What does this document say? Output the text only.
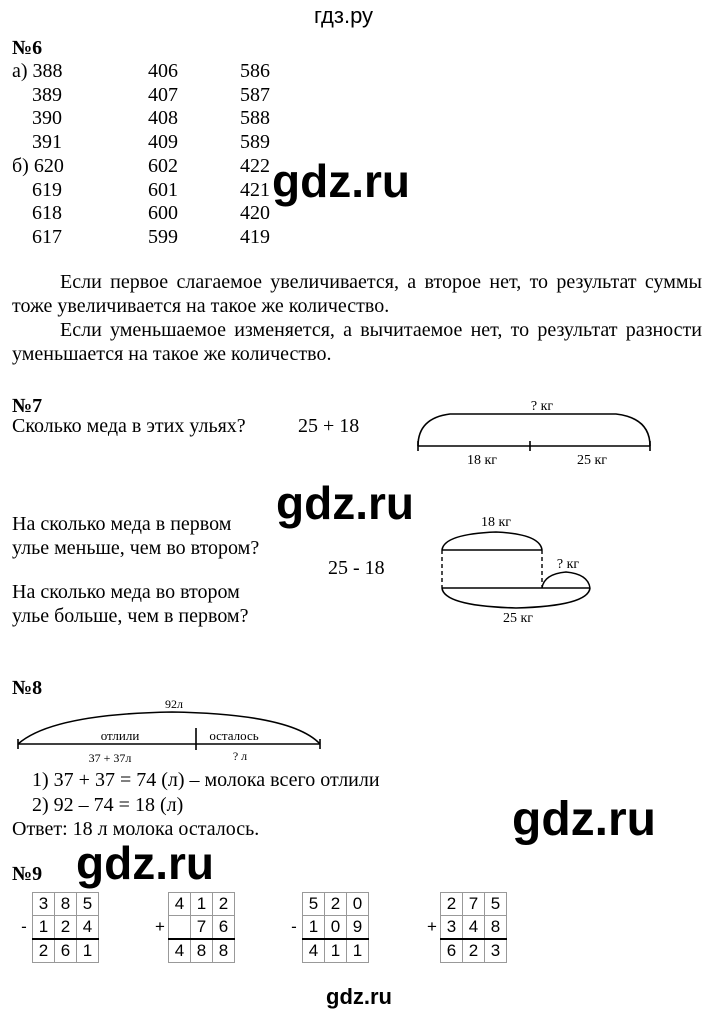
гдз.ру
№6
а) 388	406	586
389	407	587
390	408	588
391	409	589
б) 620	602	422
619	601	421
618	600	420
617	599	419
gdz.ru
Если первое слагаемое увеличивается, а второе нет, то результат суммы тоже увеличивается на такое же количество.
Если уменьшаемое изменяется, а вычитаемое нет, то результат разности уменьшается на такое же количество.
№7
Сколько меда в этих ульях?	25 + 18
? кг
18 кг	25 кг
gdz.ru
На сколько меда в первом
улье меньше, чем во втором?
25 - 18
На сколько меда во втором
улье больше, чем в первом?
18 кг
? кг
25 кг
№8
92л
отлили	осталось
37 + 37л	? л
1) 37 + 37 = 74 (л) – молока всего отлили
2) 92 – 74 = 18 (л)
Ответ: 18 л молока осталось.	gdz.ru
gdz.ru
№9
	3	8	5
-	1	2	4
	2	6	1
	4	1	2
+		7	6
	4	8	8
	5	2	0
-	1	0	9
	4	1	1
	2	7	5
+	3	4	8
	6	2	3
gdz.ru
